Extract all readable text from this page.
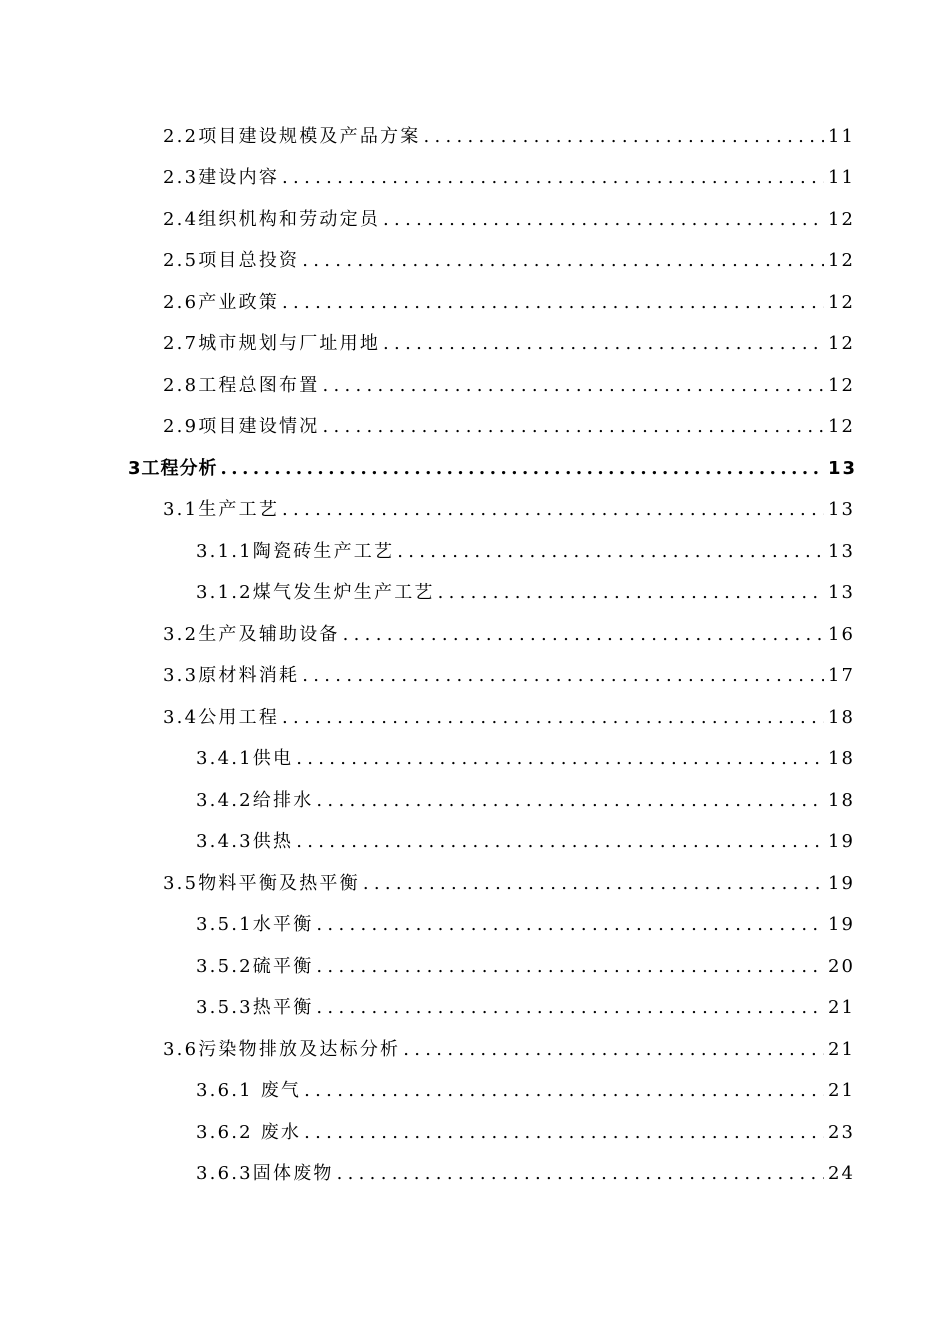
2.2项目建设规模及产品方案 .....	11
2.3建设内容 .....	11
2.4组织机构和劳动定员 .....	12
2.5项目总投资 .....	12
2.6产业政策 .....	12
2.7城市规划与厂址用地 .....	12
2.8工程总图布置 .....	12
2.9项目建设情况 .....	12
3工程分析 .....	13
3.1生产工艺 .....	13
3.1.1陶瓷砖生产工艺 .....	13
3.1.2煤气发生炉生产工艺 .....	13
3.2生产及辅助设备 .....	16
3.3原材料消耗 .....	17
3.4公用工程 .....	18
3.4.1供电 .....	18
3.4.2给排水 .....	18
3.4.3供热 .....	19
3.5物料平衡及热平衡 .....	19
3.5.1水平衡 .....	19
3.5.2硫平衡 .....	20
3.5.3热平衡 .....	21
3.6污染物排放及达标分析 .....	21
3.6.1 废气 .....	21
3.6.2 废水 .....	23
3.6.3固体废物 .....	24
